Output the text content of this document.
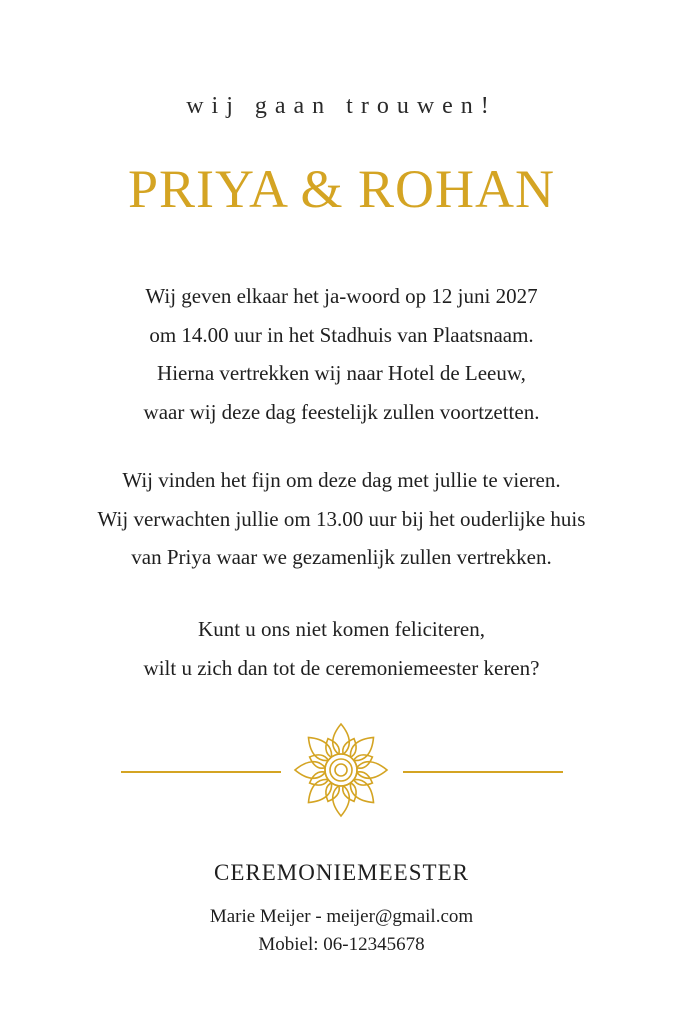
wij gaan trouwen!
PRIYA & ROHAN

Wij geven elkaar het ja-woord op 12 juni 2027

om 14.00 uur in het Stadhuis van Plaatsnaam.

Hierna vertrekken wij naar Hotel de Leeuw,

waar wij deze dag feestelijk zullen voortzetten.

Wij vinden het fijn om deze dag met jullie te vieren.

Wij verwachten jullie om 13.00 uur bij het ouderlijke huis

van Priya waar we gezamenlijk zullen vertrekken.

Kunt u ons niet komen feliciteren,

wilt u zich dan tot de ceremoniemeester keren?

CEREMONIEMEESTER

Marie Meijer - meijer@gmail.com

Mobiel: 06-12345678
